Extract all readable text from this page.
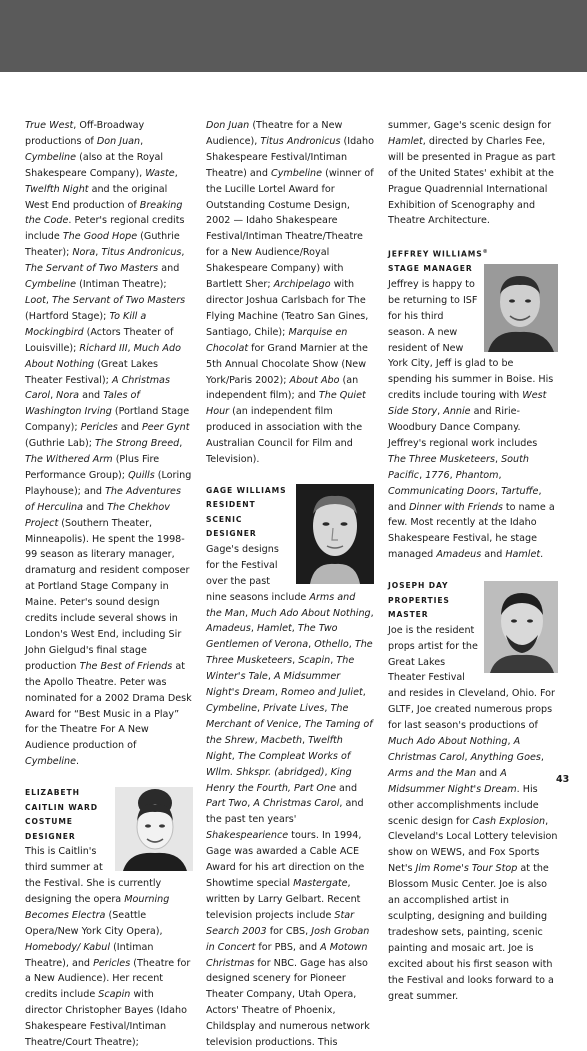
True West, Off-Broadway productions of Don Juan, Cymbeline (also at the Royal Shakespeare Company), Waste, Twelfth Night and the original West End production of Breaking the Code. Peter's regional credits include The Good Hope (Guthrie Theater); Nora, Titus Andronicus, The Servant of Two Masters and Cymbeline (Intiman Theatre); Loot, The Servant of Two Masters (Hartford Stage); To Kill a Mockingbird (Actors Theater of Louisville); Richard III, Much Ado About Nothing (Great Lakes Theater Festival); A Christmas Carol, Nora and Tales of Washington Irving (Portland Stage Company); Pericles and Peer Gynt (Guthrie Lab); The Strong Breed, The Withered Arm (Plus Fire Performance Group); Quills (Loring Playhouse); and The Adventures of Herculina and The Chekhov Project (Southern Theater, Minneapolis). He spent the 1998-99 season as literary manager, dramaturg and resident composer at Portland Stage Company in Maine. Peter's sound design credits include several shows in London's West End, including Sir John Gielgud's final stage production The Best of Friends at the Apollo Theatre. Peter was nominated for a 2002 Drama Desk Award for “Best Music in a Play” for the Theatre For A New Audience production of Cymbeline.

ELIZABETH

CAITLIN WARD

COSTUME DESIGNER

This is Caitlin's third summer at the Festival. She is currently designing the opera Mourning Becomes Electra (Seattle Opera/New York City Opera), Homebody/ Kabul (Intiman Theatre), and Pericles (Theatre for a New Audience). Her recent credits include Scapin with director Christopher Bayes (Idaho Shakespeare Festival/Intiman Theatre/Court Theatre);

Don Juan (Theatre for a New Audience), Titus Andronicus (Idaho Shakespeare Festival/Intiman Theatre) and Cymbeline (winner of the Lucille Lortel Award for Outstanding Costume Design, 2002 — Idaho Shakespeare Festival/Intiman Theatre/Theatre for a New Audience/Royal Shakespeare Company) with Bartlett Sher; Archipelago with director Joshua Carlsbach for The Flying Machine (Teatro San Gines, Santiago, Chile); Marquise en Chocolat for Grand Marnier at the 5th Annual Chocolate Show (New York/Paris 2002); About Abo (an independent film); and The Quiet Hour (an independent film produced in association with the Australian Council for Film and Television).

GAGE WILLIAMS

RESIDENT SCENIC

DESIGNER

Gage's designs for the Festival over the past nine seasons include Arms and the Man, Much Ado About Nothing, Amadeus, Hamlet, The Two Gentlemen of Verona, Othello, The Three Musketeers, Scapin, The Winter's Tale, A Midsummer Night's Dream, Romeo and Juliet, Cymbeline, Private Lives, The Merchant of Venice, The Taming of the Shrew, Macbeth, Twelfth Night, The Compleat Works of Wllm. Shkspr. (abridged), King Henry the Fourth, Part One and Part Two, A Christmas Carol, and the past ten years' Shakespearience tours. In 1994, Gage was awarded a Cable ACE Award for his art direction on the Showtime special Mastergate, written by Larry Gelbart. Recent television projects include Star Search 2003 for CBS, Josh Groban in Concert for PBS, and A Motown Christmas for NBC. Gage has also designed scenery for Pioneer Theater Company, Utah Opera, Actors' Theatre of Phoenix, Childsplay and numerous network television productions. This

summer, Gage's scenic design for Hamlet, directed by Charles Fee, will be presented in Prague as part of the United States' exhibit at the Prague Quadrennial International Exhibition of Scenography and Theatre Architecture.

JEFFREY WILLIAMS®

STAGE MANAGER

Jeffrey is happy to be returning to ISF for his third season. A new resident of New York City, Jeff is glad to be spending his summer in Boise. His credits include touring with West Side Story, Annie and Ririe-Woodbury Dance Company. Jeffrey's regional work includes The Three Musketeers, South Pacific, 1776, Phantom, Communicating Doors, Tartuffe, and Dinner with Friends to name a few. Most recently at the Idaho Shakespeare Festival, he stage managed Amadeus and Hamlet.

JOSEPH DAY

PROPERTIES MASTER

Joe is the resident props artist for the Great Lakes Theater Festival and resides in Cleveland, Ohio. For GLTF, Joe created numerous props for last season's productions of Much Ado About Nothing, A Christmas Carol, Anything Goes, Arms and the Man and A Midsummer Night's Dream. His other accomplishments include scenic design for Cash Explosion, Cleveland's Local Lottery television show on WEWS, and Fox Sports Net's Jim Rome's Tour Stop at the Blossom Music Center. Joe is also an accomplished artist in sculpting, designing and building tradeshow sets, painting, scenic painting and mosaic art. Joe is excited about his first season with the Festival and looks forward to a great summer.

43
